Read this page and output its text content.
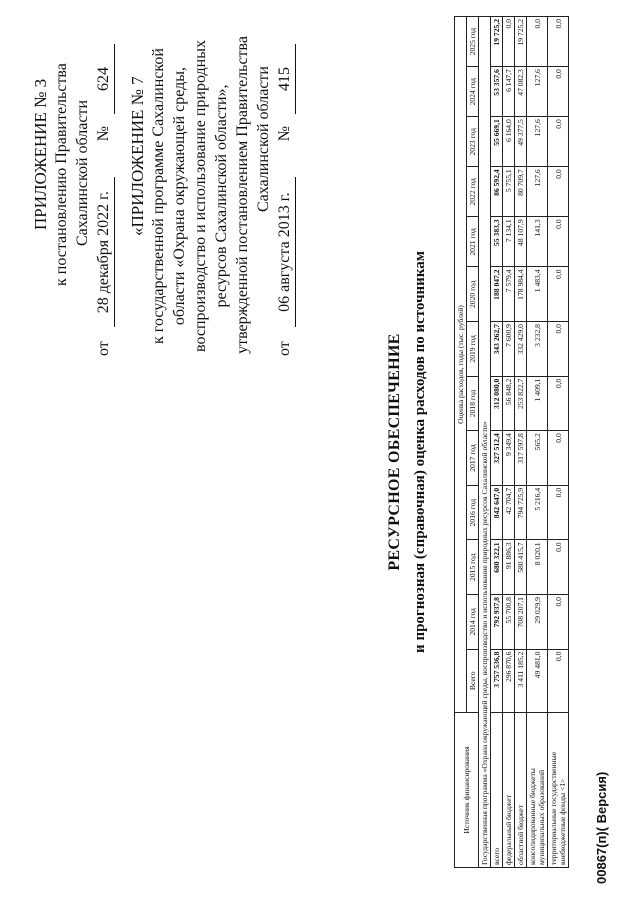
ПРИЛОЖЕНИЕ № 3 к постановлению Правительства Сахалинской области
от
28 декабря 2022 г.
№
624 «ПРИЛОЖЕНИЕ № 7 к государственной программе Сахалинской области «Охрана окружающей среды, воспроизводство и использование природных ресурсов Сахалинской области», утвержденной постановлением Правительства Сахалинской области
от
06 августа 2013 г.
№
415
РЕСУРСНОЕ ОБЕСПЕЧЕНИЕ и прогнозная (справочная) оценка расходов по источникам
Источник финансирования	Оценка расходов, годы (тыс. рублей)												
	Всего	2014 год	2015 год	2016 год	2017 год	2018 год	2019 год	2020 год	2021 год	2022 год	2023 год	2024 год	2025 год
Государственная программа «Охрана окружающей среды, воспроизводство и использование природных ресурсов Сахалинской области»													
всего	3 757 536,8	792 937,8	680 322,1	842 647,0	327 512,4	312 080,0	343 262,7	188 047,2	55 383,3	86 592,4	55 669,1	53 357,6	19 725,2
федеральный бюджет	296 870,6	55 700,8	91 886,3	42 704,7	9 349,4	56 848,2	7 600,9	7 579,4	7 134,1	5 755,1	6 164,0	6 147,7	0,0
областной бюджет	3 411 185,2	708 207,1	580 415,7	794 725,9	317 597,8	253 822,7	332 429,0	178 984,4	48 107,9	80 709,7	49 377,5	47 082,3	19 725,2
консолидированные бюджеты муниципальных образований	49 481,0	29 029,9	8 020,1	5 216,4	565,2	1 409,1	3 232,8	1 483,4	141,3	127,6	127,6	127,6	0,0
территориальные государственные внебюджетные фонды <1>	0,0	0,0	0,0	0,0	0,0	0,0	0,0	0,0	0,0	0,0	0,0	0,0	0,0
00867(п)( Версия)
